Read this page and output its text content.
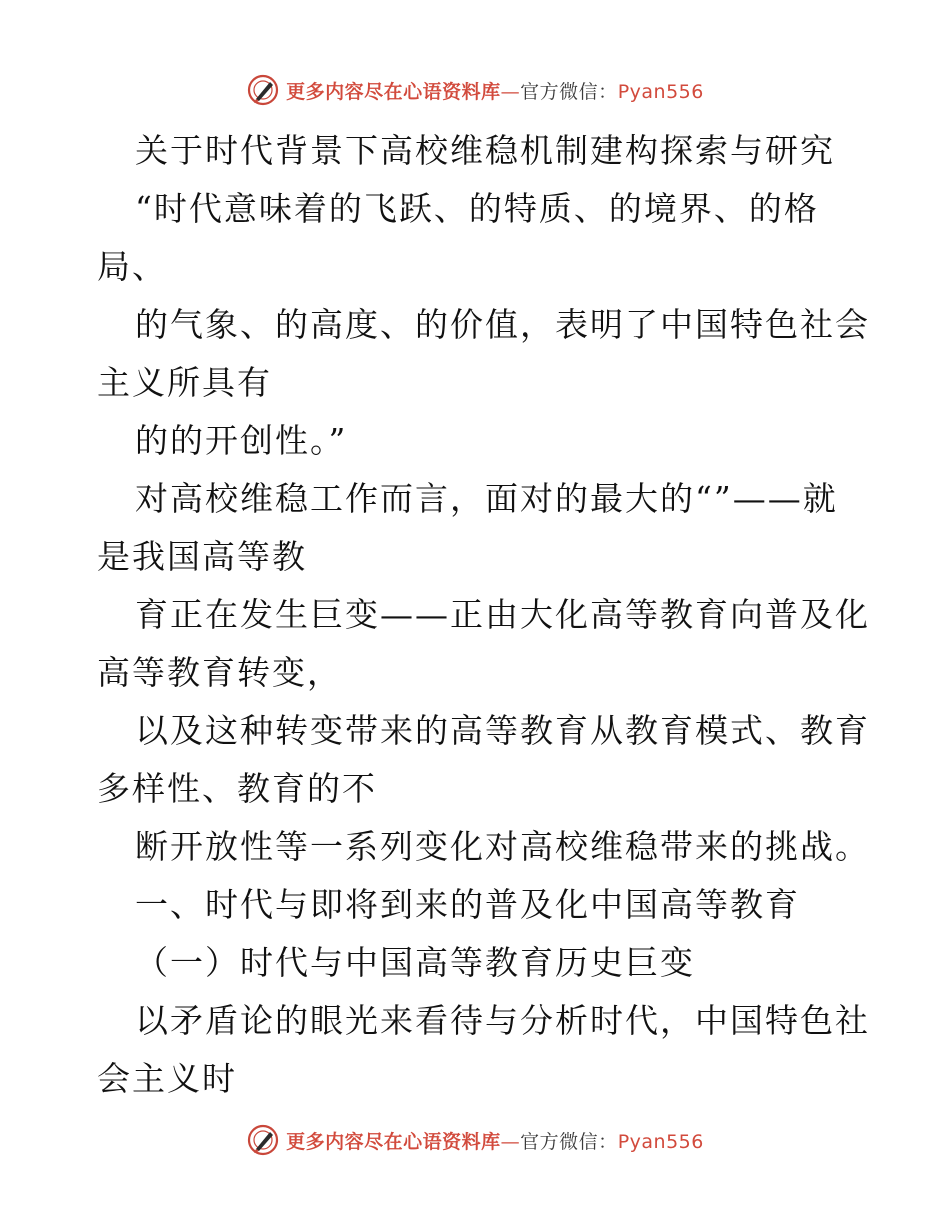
更多内容尽在心语资料库—官方微信：Pyan556

关于时代背景下高校维稳机制建构探索与研究

“时代意味着的飞跃、的特质、的境界、的格

局、

的气象、的高度、的价值，表明了中国特色社会

主义所具有

的的开创性。”

对高校维稳工作而言，面对的最大的“”——就

是我国高等教

育正在发生巨变——正由大化高等教育向普及化

高等教育转变，

以及这种转变带来的高等教育从教育模式、教育

多样性、教育的不

断开放性等一系列变化对高校维稳带来的挑战。

一、时代与即将到来的普及化中国高等教育

（一）时代与中国高等教育历史巨变

以矛盾论的眼光来看待与分析时代，中国特色社

会主义时

更多内容尽在心语资料库—官方微信：Pyan556
